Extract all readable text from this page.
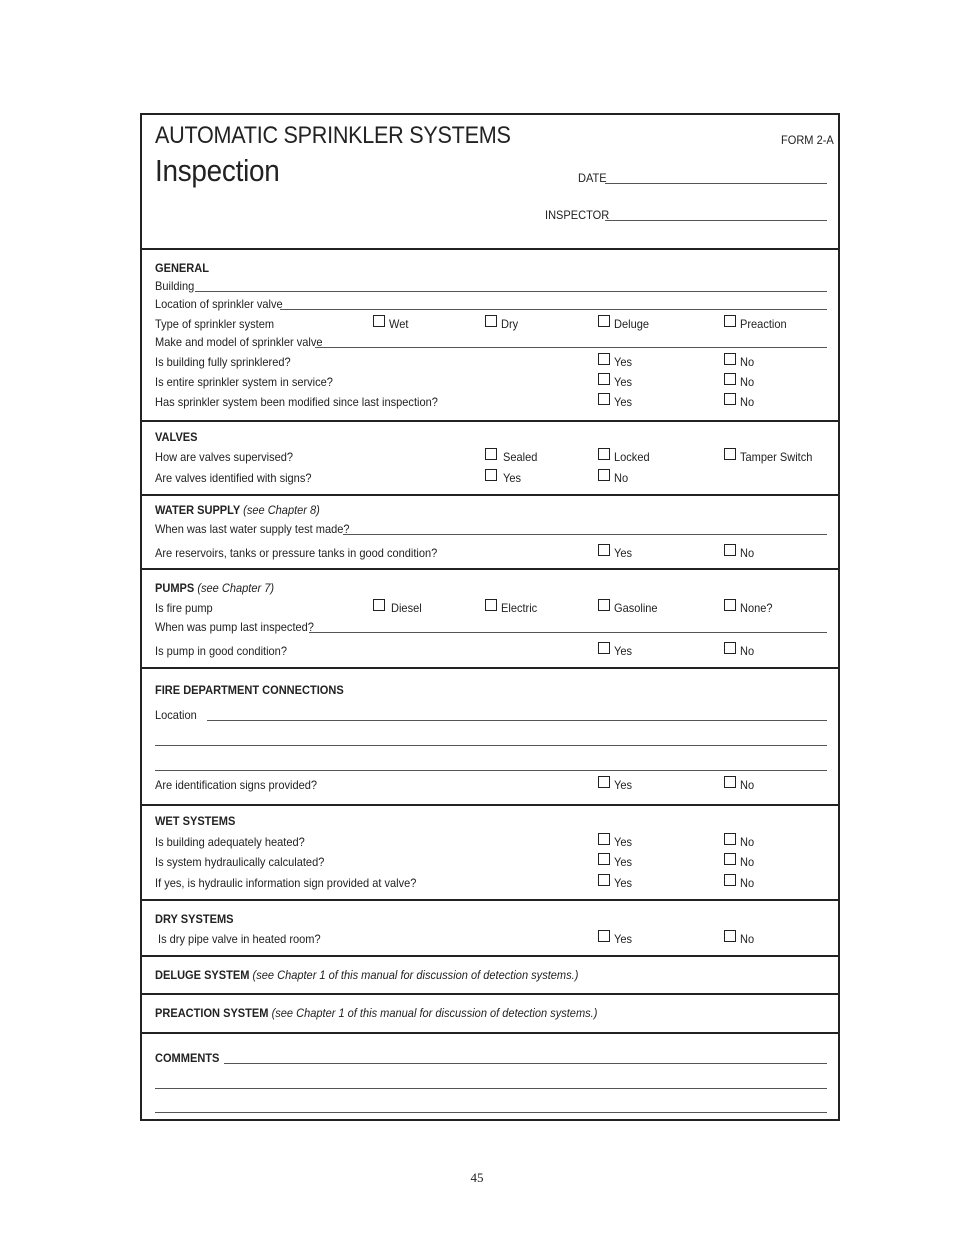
AUTOMATIC SPRINKLER SYSTEMS
Inspection
FORM 2-A
DATE
INSPECTOR
GENERAL
Building
Location of sprinkler valve
Type of sprinkler system	Wet	Dry	Deluge	Preaction
Make and model of sprinkler valve
Is building fully sprinklered?	Yes	No
Is entire sprinkler system in service?	Yes	No
Has sprinkler system been modified since last inspection?	Yes	No
VALVES
How are valves supervised?	Sealed	Locked	Tamper Switch
Are valves identified with signs?	Yes	No
WATER SUPPLY (see Chapter 8)
When was last water supply test made?
Are reservoirs, tanks or pressure tanks in good condition?	Yes	No
PUMPS (see Chapter 7)
Is fire pump	Diesel	Electric	Gasoline	None?
When was pump last inspected?
Is pump in good condition?	Yes	No
FIRE DEPARTMENT CONNECTIONS
Location
Are identification signs provided?	Yes	No
WET SYSTEMS
Is building adequately heated?	Yes	No
Is system hydraulically calculated?	Yes	No
If yes, is hydraulic information sign provided at valve?	Yes	No
DRY SYSTEMS
Is dry pipe valve in heated room?	Yes	No
DELUGE SYSTEM (see Chapter 1 of this manual for discussion of detection systems.)
PREACTION SYSTEM (see Chapter 1 of this manual for discussion of detection systems.)
COMMENTS
45
